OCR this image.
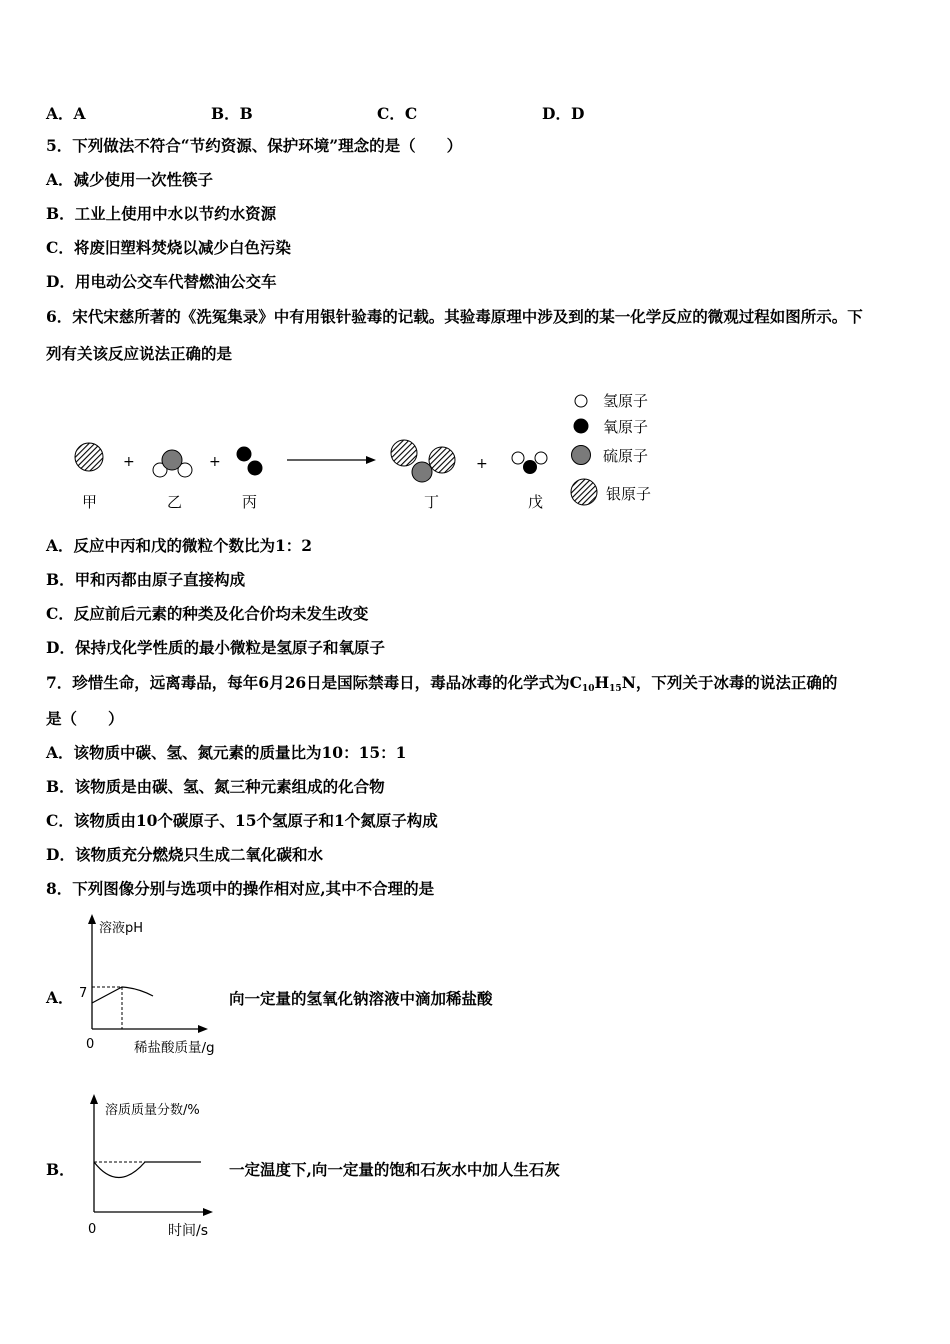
A．A	B．B	C．C	D．D
5．下列做法不符合“节约资源、保护环境”理念的是（　　）
A．减少使用一次性筷子
B．工业上使用中水以节约水资源
C．将废旧塑料焚烧以减少白色污染
D．用电动公交车代替燃油公交车
6．宋代宋慈所著的《洗冤集录》中有用银针验毒的记载。其验毒原理中涉及到的某一化学反应的微观过程如图所示。下
列有关该反应说法正确的是
+	+	+
甲	乙	丙	丁	戊
氢原子
氧原子
硫原子
银原子
A．反应中丙和戊的微粒个数比为1：2
B．甲和丙都由原子直接构成
C．反应前后元素的种类及化合价均未发生改变
D．保持戊化学性质的最小微粒是氢原子和氧原子
7．珍惜生命，远离毒品，每年6月26日是国际禁毒日，毒品冰毒的化学式为$C_{10}H_{15}N$，下列关于冰毒的说法正确的
是（　　）
A．该物质中碳、氢、氮元素的质量比为10：15：1
B．该物质是由碳、氢、氮三种元素组成的化合物
C．该物质由10个碳原子、15个氢原子和1个氮原子构成
D．该物质充分燃烧只生成二氧化碳和水
8．下列图像分别与选项中的操作相对应,其中不合理的是
A．
溶液pH
7
0	稀盐酸质量/g
向一定量的氢氧化钠溶液中滴加稀盐酸
B．
溶质质量分数/%
0	时间/s
一定温度下,向一定量的饱和石灰水中加人生石灰
